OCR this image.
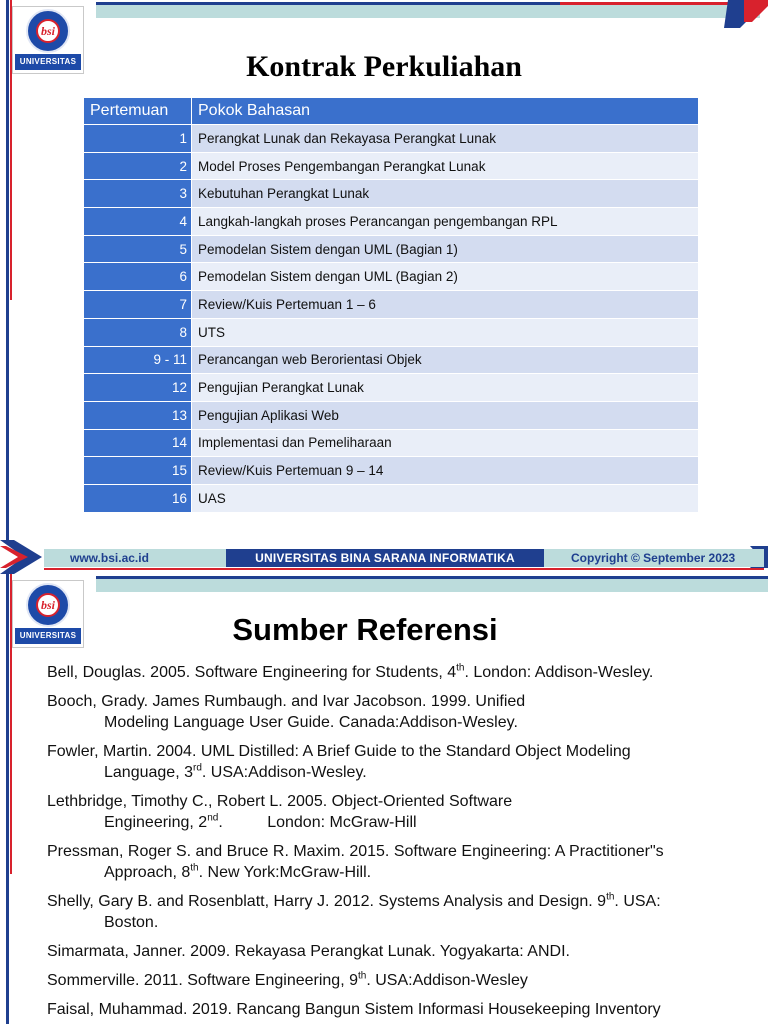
bsi
UNIVERSITAS	Kontrak Perkuliahan
Pertemuan	Pokok Bahasan
1	Perangkat Lunak dan Rekayasa Perangkat Lunak
2	Model Proses Pengembangan Perangkat Lunak
3	Kebutuhan Perangkat Lunak
4	Langkah-langkah proses Perancangan pengembangan RPL
5	Pemodelan Sistem dengan UML (Bagian 1)
6	Pemodelan Sistem dengan UML (Bagian 2)
7	Review/Kuis Pertemuan 1 – 6
8	UTS
9 - 11	Perancangan web Berorientasi Objek
12	Pengujian Perangkat Lunak
13	Pengujian Aplikasi Web
14	Implementasi dan Pemeliharaan
15	Review/Kuis Pertemuan 9 – 14
16	UAS
www.bsi.ac.id	UNIVERSITAS BINA SARANA INFORMATIKA	Copyright © September 2023
bsi
UNIVERSITAS	Sumber Referensi

Bell, Douglas. 2005. Software Engineering for Students, 4th. London: Addison-Wesley.

Booch, Grady. James Rumbaugh. and Ivar Jacobson. 1999. Unified
Modeling Language User Guide. Canada:Addison-Wesley.

Fowler, Martin. 2004. UML Distilled: A Brief Guide to the Standard Object Modeling
Language, 3rd. USA:Addison-Wesley.

Lethbridge, Timothy C., Robert L. 2005. Object-Oriented Software
Engineering, 2nd.          London: McGraw-Hill

Pressman, Roger S. and Bruce R. Maxim. 2015. Software Engineering: A Practitioner"s
Approach, 8th. New York:McGraw-Hill.

Shelly, Gary B. and Rosenblatt, Harry J. 2012. Systems Analysis and Design. 9th. USA:
Boston.

Simarmata, Janner. 2009. Rekayasa Perangkat Lunak. Yogyakarta: ANDI.

Sommerville. 2011. Software Engineering, 9th. USA:Addison-Wesley

Faisal, Muhammad. 2019. Rancang Bangun Sistem Informasi Housekeeping Inventory
